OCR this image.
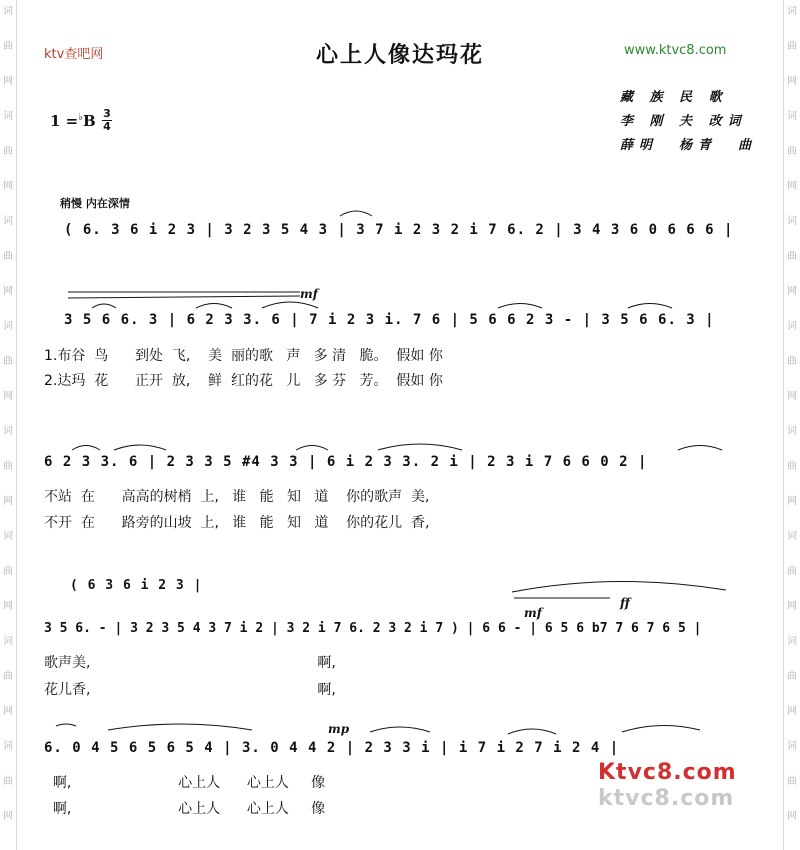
词	词
曲	曲
网	网
词	词
曲	曲
网	网
词	词
曲	曲
网	网
词	词
曲	曲
网	网
词	词
曲	曲
网	网
词	词
曲	曲
网	网
词	词
曲	曲
网	网
词	词
曲	曲
网	网
ktv查吧网	心上人像达玛花	www.ktvc8.com
1 =♭B 3
4
藏 族 民 歌
李 刚 夫 改词
薛明  杨青  曲
稍慢 内在深情
( 6. 3 6 i 2 3 | 3 2 3 5 4 3 | 3 7 i 2 3 2 i 7 6. 2 | 3 4 3 6 0 6 6 6 |
mf
3 5 6 6. 3 | 6 2 3 3. 6 | 7 i 2 3 i. 7 6 | 5 6 6 2 3 - | 3 5 6 6. 3 |
1.布谷  鸟      到处  飞,    美  丽的歌   声   多 清   脆。  假如 你
2.达玛  花      正开  放,    鲜  红的花   儿   多 芬   芳。  假如 你
6 2 3 3. 6 | 2 3 3 5 #4 3 3 | 6 i 2 3 3. 2 i | 2 3 i 7 6 6 0 2 |
不站  在      高高的树梢  上,   谁   能   知   道    你的歌声  美,
不开  在      路旁的山坡  上,   谁   能   知   道    你的花儿  香,
( 6 3 6 i 2 3 |
mf
ff
3 5 6. - | 3 2 3 5 4 3 7 i 2 | 3 2 i 7 6. 2 3 2 i 7 ) | 6 6 - | 6 5 6 b7 7 6 7 6 5 |
歌声美,                                                   啊,
花儿香,                                                   啊,
mp
6. 0 4 5 6 5 6 5 4 | 3. 0 4 4 2 | 2 3 3 i | i 7 i 2 7 i 2 4 |
啊,                        心上人      心上人     像
啊,                        心上人      心上人     像
Ktvc8.com
ktvc8.com
